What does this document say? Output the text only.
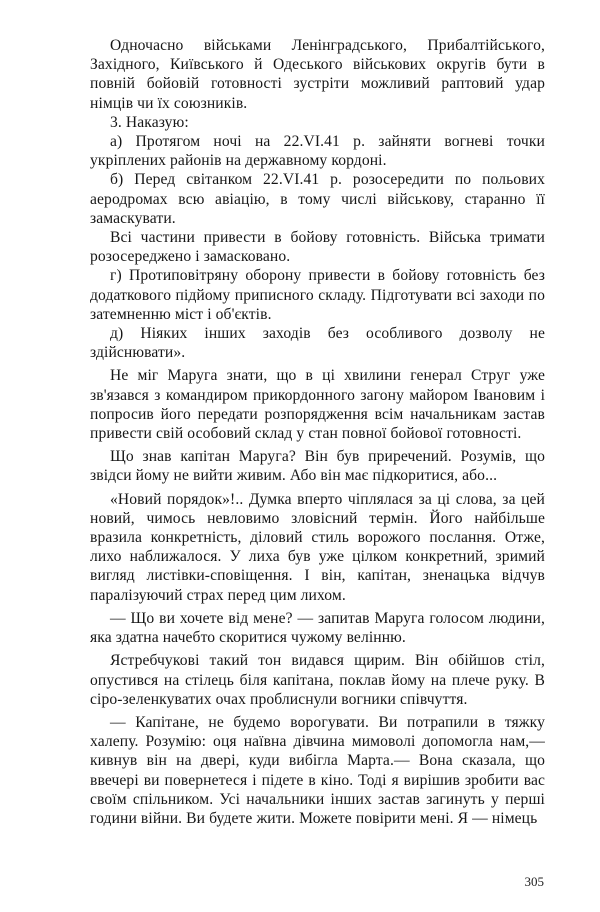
Одночасно військами Ленінградського, Прибалтійського, Західного, Київського й Одеського військових округів бути в повній бойовій готовності зустріти можливий раптовий удар німців чи їх союзників.

3. Наказую:

а) Протягом ночі на 22.VI.41 р. зайняти вогневі точки укріплених районів на державному кордоні.

б) Перед світанком 22.VI.41 р. розосередити по польових аеродромах всю авіацію, в тому числі військову, старанно її замаскувати.

Всі частини привести в бойову готовність. Війська тримати розосереджено і замасковано.

г) Протиповітряну оборону привести в бойову готовність без додаткового підйому приписного складу. Підготувати всі заходи по затемненню міст і об'єктів.

д) Ніяких інших заходів без особливого дозволу не здійснювати».

Не міг Маруга знати, що в ці хвилини генерал Струг уже зв'язався з командиром прикордонного загону майором Івановим і попросив його передати розпорядження всім начальникам застав привести свій особовий склад у стан повної бойової готовності.

Що знав капітан Маруга? Він був приречений. Розумів, що звідси йому не вийти живим. Або він має підкоритися, або...

«Новий порядок»!.. Думка вперто чіплялася за ці слова, за цей новий, чимось невловимо зловісний термін. Його найбільше вразила конкретність, діловий стиль ворожого послання. Отже, лихо наближалося. У лиха був уже цілком конкретний, зримий вигляд листівки-сповіщення. І він, капітан, зненацька відчув паралізуючий страх перед цим лихом.

— Що ви хочете від мене? — запитав Маруга голосом людини, яка здатна начебто скоритися чужому велінню.

Ястребчукові такий тон видався щирим. Він обійшов стіл, опустився на стілець біля капітана, поклав йому на плече руку. В сіро-зеленкуватих очах проблиснули вогники співчуття.

— Капітане, не будемо ворогувати. Ви потрапили в тяжку халепу. Розумію: оця наївна дівчина мимоволі допомогла нам,— кивнув він на двері, куди вибігла Марта.— Вона сказала, що ввечері ви повернетеся і підете в кіно. Тоді я вирішив зробити вас своїм спільником. Усі начальники інших застав загинуть у перші години війни. Ви будете жити. Можете повірити мені. Я — німець

305
